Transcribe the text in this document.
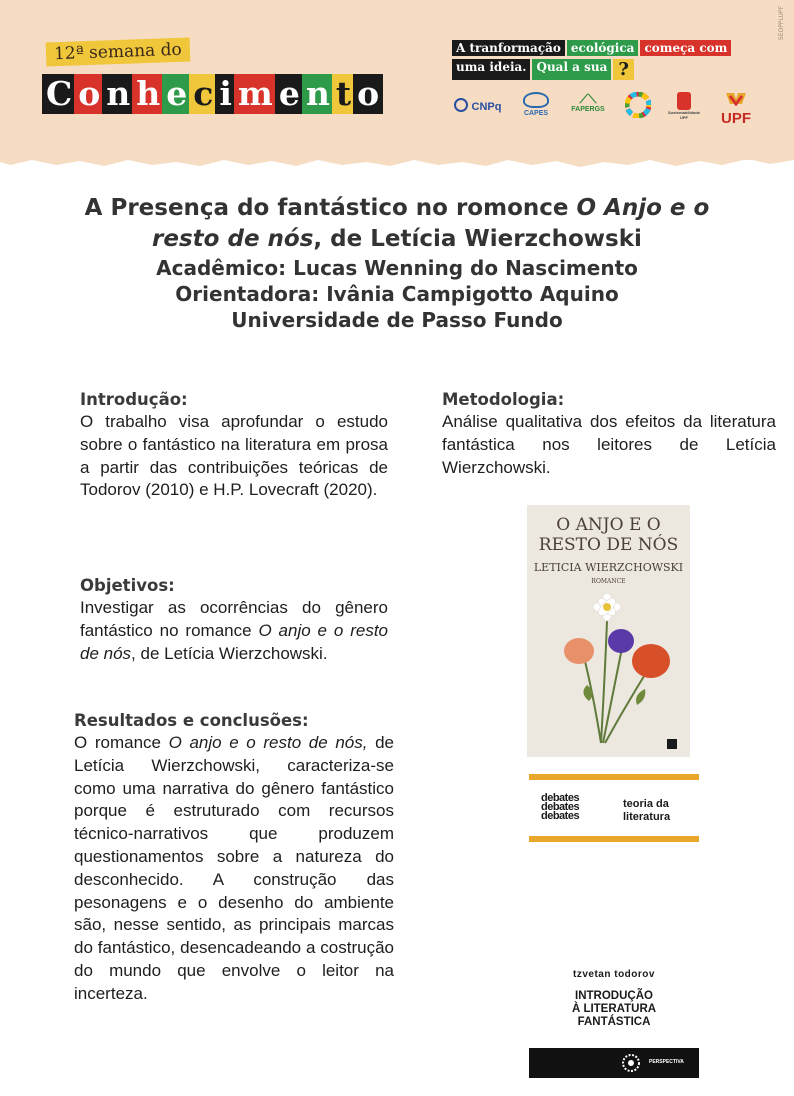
SEOPPLUPF
12ª semana do
C o n h e c i m e n t o
A tranformação ecológica começa com
uma ideia. Qual a sua ?
CNPq
CAPES
⟋⟍
FAPERGS	Sustentabilidade UPF	UPF
A Presença do fantástico no romonce O Anjo e o
resto de nós, de Letícia Wierzchowski
Acadêmico: Lucas Wenning do Nascimento
Orientadora: Ivânia Campigotto Aquino
Universidade de Passo Fundo
Introdução:

O trabalho visa aprofundar o estudo sobre o fantástico na literatura em prosa a partir das contribuições teóricas de Todorov (2010) e H.P. Lovecraft (2020).

Objetivos:

Investigar as ocorrências do gênero fantástico no romance O anjo e o resto de nós, de Letícia Wierzchowski.

Resultados e conclusões:

O romance O anjo e o resto de nós, de Letícia Wierzchowski, caracteriza-se como uma narrativa do gênero fantástico porque é estruturado com recursos técnico-narrativos que produzem questionamentos sobre a natureza do desconhecido. A construção das pesonagens e o desenho do ambiente são, nesse sentido, as principais marcas do fantástico, desencadeando a costrução do mundo que envolve o leitor na incerteza.

Metodologia:

Análise qualitativa dos efeitos da literatura fantástica nos leitores de Letícia Wierzchowski.

O ANJO E O
RESTO DE NÓS
LETICIA WIERZCHOWSKI
ROMANCE
debates
debates
debates
teoria da
literatura
tzvetan todorov
INTRODUÇÃO
À LITERATURA
FANTÁSTICA
PERSPECTIVA
